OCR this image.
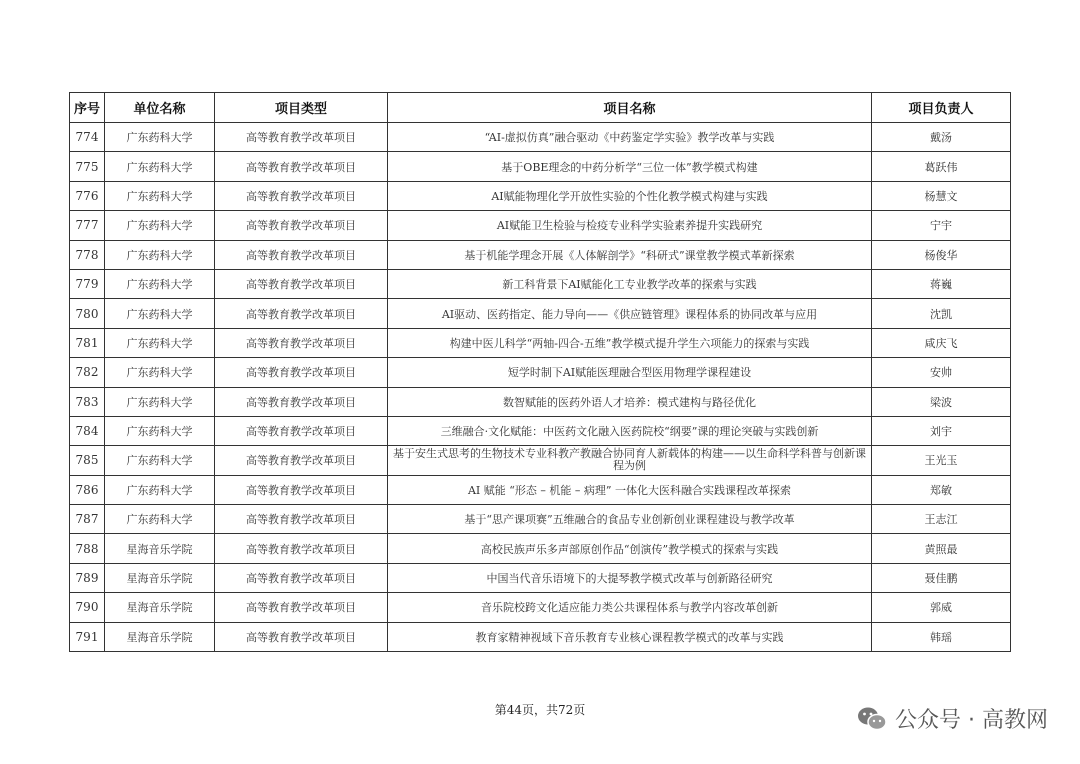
序号	单位名称	项目类型	项目名称	项目负责人
774	广东药科大学	高等教育教学改革项目	“AI-虚拟仿真”融合驱动《中药鉴定学实验》教学改革与实践	戴汤
775	广东药科大学	高等教育教学改革项目	基于OBE理念的中药分析学“三位一体”教学模式构建	葛跃伟
776	广东药科大学	高等教育教学改革项目	AI赋能物理化学开放性实验的个性化教学模式构建与实践	杨慧文
777	广东药科大学	高等教育教学改革项目	AI赋能卫生检验与检疫专业科学实验素养提升实践研究	宁宇
778	广东药科大学	高等教育教学改革项目	基于机能学理念开展《人体解剖学》“科研式”课堂教学模式革新探索	杨俊华
779	广东药科大学	高等教育教学改革项目	新工科背景下AI赋能化工专业教学改革的探索与实践	蒋巍
780	广东药科大学	高等教育教学改革项目	AI驱动、医药指定、能力导向——《供应链管理》课程体系的协同改革与应用	沈凯
781	广东药科大学	高等教育教学改革项目	构建中医儿科学“两轴-四合-五维”教学模式提升学生六项能力的探索与实践	咸庆飞
782	广东药科大学	高等教育教学改革项目	短学时制下AI赋能医理融合型医用物理学课程建设	安帅
783	广东药科大学	高等教育教学改革项目	数智赋能的医药外语人才培养：模式建构与路径优化	梁波
784	广东药科大学	高等教育教学改革项目	三维融合·文化赋能：中医药文化融入医药院校“纲要”课的理论突破与实践创新	刘宇
785	广东药科大学	高等教育教学改革项目	基于安生式思考的生物技术专业科教产教融合协同育人新载体的构建——以生命科学科普与创新课程为例	王光玉
786	广东药科大学	高等教育教学改革项目	AI 赋能 “形态 – 机能 – 病理” 一体化大医科融合实践课程改革探索	郑敏
787	广东药科大学	高等教育教学改革项目	基于“思产课项赛”五维融合的食品专业创新创业课程建设与教学改革	王志江
788	星海音乐学院	高等教育教学改革项目	高校民族声乐多声部原创作品“创演传”教学模式的探索与实践	黄照最
789	星海音乐学院	高等教育教学改革项目	中国当代音乐语境下的大提琴教学模式改革与创新路径研究	聂佳鹏
790	星海音乐学院	高等教育教学改革项目	音乐院校跨文化适应能力类公共课程体系与教学内容改革创新	郭威
791	星海音乐学院	高等教育教学改革项目	教育家精神视域下音乐教育专业核心课程教学模式的改革与实践	韩瑶
第44页，共72页	公众号 · 高教网
